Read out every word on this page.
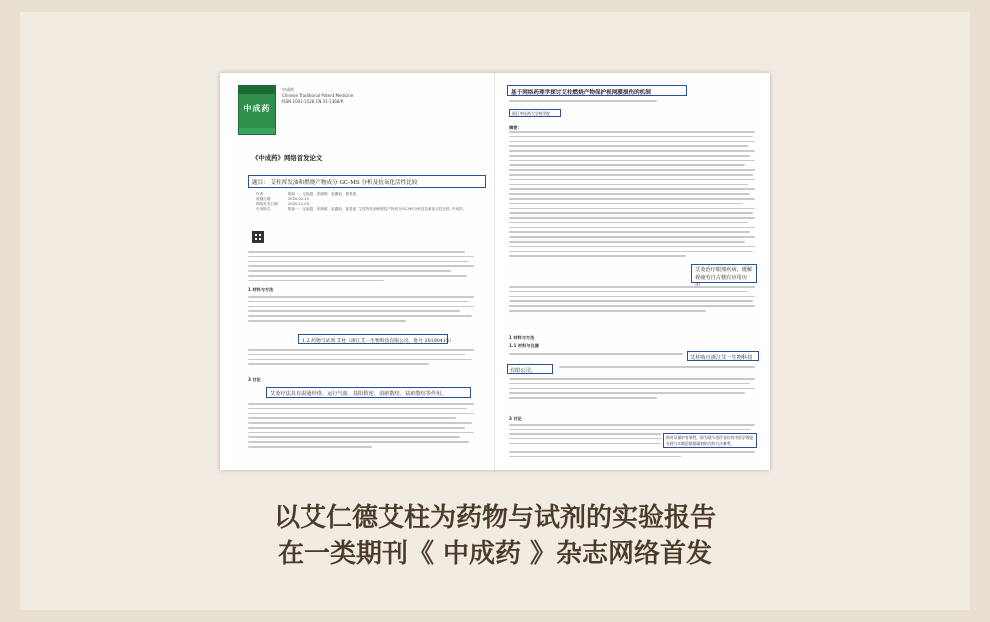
中成药
中成药
Chinese Traditional Patent Medicine
ISSN 1001-1528,CN 31-1368/R
《中成药》网络首发论文
题目： 艾柱挥发油和燃烧产物成分 GC-MS 分析及抗氧化活性比较
作者：	陈如一，毛旭超，张晓明，赵鑫怡，夏星莲
收稿日期：	2020-02-13
网络首发日期：	2020-12-03
引用格式：	陈如一，毛旭超，张晓明，赵鑫怡，夏星莲. 艾柱挥发油和燃烧产物成分GC-MS分析及抗氧化活性比较. 中成药.
1 材料与方法
1.2 药物与试剂 艾柱（浙江艾一生物科技有限公司，批号 20190415）
3 讨论
艾灸疗法具有温通经络、运行气血、扶阳救逆、消瘀散结、祛瘀散结等作用。
基于网络药理学探讨艾柱燃烧产物保护视网膜损伤的机制
浙江中医药大学药学院
摘要：
艾灸治疗眼部疾病，缓解视疲劳自古便有应用历
1 材料与方法
1.1 材料与仪器
艾柱购自浙江艾一生物科技
有限公司。
3 讨论
的对证保护有效性，即为现今治疗各位有中医学理论支持与实践论据基础相结合的方法参考。
以艾仁德艾柱为药物与试剂的实验报告
在一类期刊《 中成药 》杂志网络首发
